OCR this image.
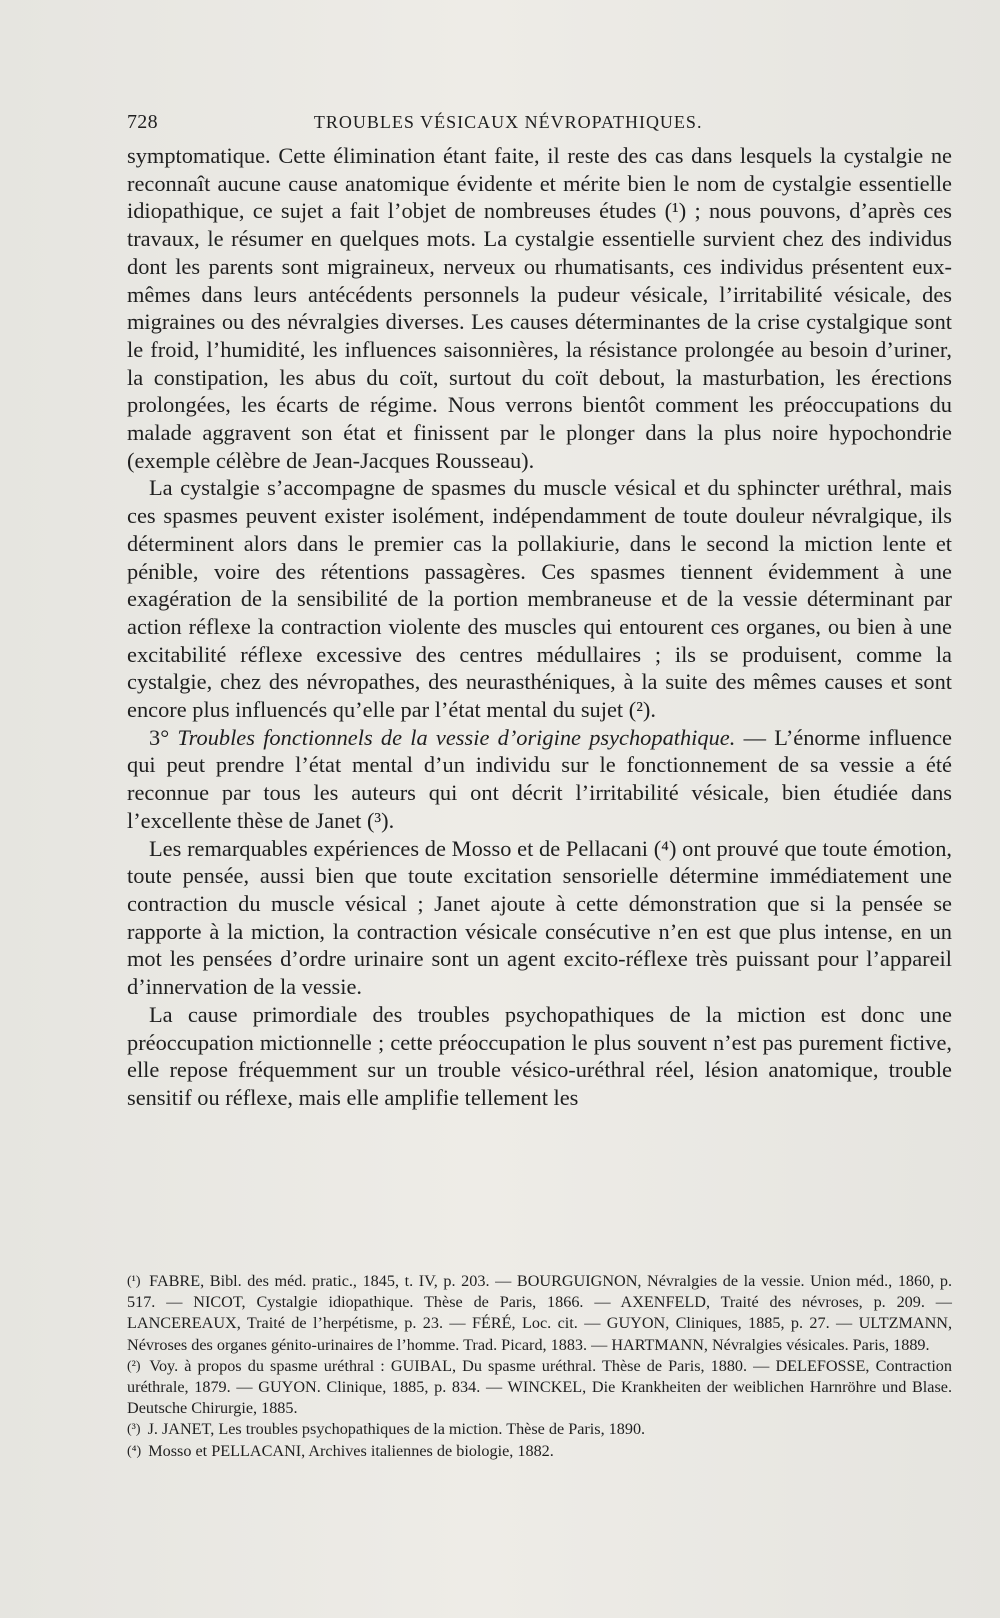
728	TROUBLES VÉSICAUX NÉVROPATHIQUES.

symptomatique. Cette élimination étant faite, il reste des cas dans lesquels la cystalgie ne reconnaît aucune cause anatomique évidente et mérite bien le nom de cystalgie essentielle idiopathique, ce sujet a fait l’objet de nombreuses études (¹) ; nous pouvons, d’après ces travaux, le résumer en quelques mots. La cystalgie essentielle survient chez des individus dont les parents sont migraineux, nerveux ou rhumatisants, ces individus présentent eux-mêmes dans leurs antécédents personnels la pudeur vésicale, l’irritabilité vésicale, des migraines ou des névralgies diverses. Les causes déterminantes de la crise cystalgique sont le froid, l’humidité, les influences saisonnières, la résistance prolongée au besoin d’uriner, la constipation, les abus du coït, surtout du coït debout, la masturbation, les érections prolongées, les écarts de régime. Nous verrons bientôt comment les préoccupations du malade aggravent son état et finissent par le plonger dans la plus noire hypochondrie (exemple célèbre de Jean-Jacques Rousseau).

La cystalgie s’accompagne de spasmes du muscle vésical et du sphincter uréthral, mais ces spasmes peuvent exister isolément, indépendamment de toute douleur névralgique, ils déterminent alors dans le premier cas la pollakiurie, dans le second la miction lente et pénible, voire des rétentions passagères. Ces spasmes tiennent évidemment à une exagération de la sensibilité de la portion membraneuse et de la vessie déterminant par action réflexe la contraction violente des muscles qui entourent ces organes, ou bien à une excitabilité réflexe excessive des centres médullaires ; ils se produisent, comme la cystalgie, chez des névropathes, des neurasthéniques, à la suite des mêmes causes et sont encore plus influencés qu’elle par l’état mental du sujet (²).

3° Troubles fonctionnels de la vessie d’origine psychopathique. — L’énorme influence qui peut prendre l’état mental d’un individu sur le fonctionnement de sa vessie a été reconnue par tous les auteurs qui ont décrit l’irritabilité vésicale, bien étudiée dans l’excellente thèse de Janet (³).

Les remarquables expériences de Mosso et de Pellacani (⁴) ont prouvé que toute émotion, toute pensée, aussi bien que toute excitation sensorielle détermine immédiatement une contraction du muscle vésical ; Janet ajoute à cette démonstration que si la pensée se rapporte à la miction, la contraction vésicale consécutive n’en est que plus intense, en un mot les pensées d’ordre urinaire sont un agent excito-réflexe très puissant pour l’appareil d’innervation de la vessie.

La cause primordiale des troubles psychopathiques de la miction est donc une préoccupation mictionnelle ; cette préoccupation le plus souvent n’est pas purement fictive, elle repose fréquemment sur un trouble vésico-uréthral réel, lésion anatomique, trouble sensitif ou réflexe, mais elle amplifie tellement les

(¹) FABRE, Bibl. des méd. pratic., 1845, t. IV, p. 203. — BOURGUIGNON, Névralgies de la vessie. Union méd., 1860, p. 517. — NICOT, Cystalgie idiopathique. Thèse de Paris, 1866. — AXENFELD, Traité des névroses, p. 209. — LANCEREAUX, Traité de l’herpétisme, p. 23. — FÉRÉ, Loc. cit. — GUYON, Cliniques, 1885, p. 27. — ULTZMANN, Névroses des organes génito-urinaires de l’homme. Trad. Picard, 1883. — HARTMANN, Névralgies vésicales. Paris, 1889.

(²) Voy. à propos du spasme uréthral : GUIBAL, Du spasme uréthral. Thèse de Paris, 1880. — DELEFOSSE, Contraction uréthrale, 1879. — GUYON. Clinique, 1885, p. 834. — WINCKEL, Die Krankheiten der weiblichen Harnröhre und Blase. Deutsche Chirurgie, 1885.

(³) J. JANET, Les troubles psychopathiques de la miction. Thèse de Paris, 1890.

(⁴) Mosso et PELLACANI, Archives italiennes de biologie, 1882.
